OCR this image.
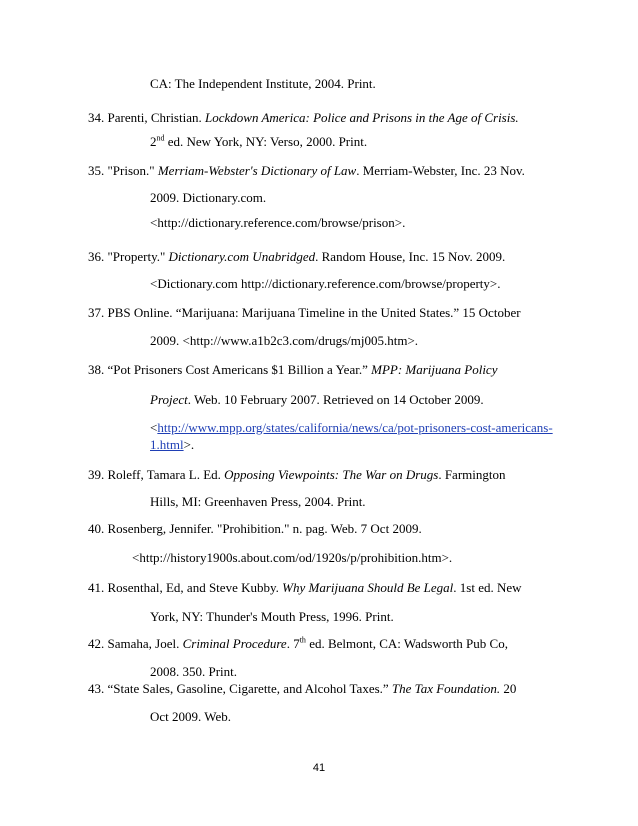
CA: The Independent Institute, 2004. Print.
34. Parenti, Christian. Lockdown America: Police and Prisons in the Age of Crisis.
2nd ed. New York, NY: Verso, 2000. Print.
35. "Prison." Merriam-Webster's Dictionary of Law. Merriam-Webster, Inc. 23 Nov.
2009. Dictionary.com.
<http://dictionary.reference.com/browse/prison>.
36. "Property." Dictionary.com Unabridged. Random House, Inc. 15 Nov. 2009.
<Dictionary.com http://dictionary.reference.com/browse/property>.
37. PBS Online. “Marijuana: Marijuana Timeline in the United States.” 15 October
2009. <http://www.a1b2c3.com/drugs/mj005.htm>.
38. “Pot Prisoners Cost Americans $1 Billion a Year.” MPP: Marijuana Policy
Project. Web. 10 February 2007. Retrieved on 14 October 2009.
<http://www.mpp.org/states/california/news/ca/pot-prisoners-cost-americans-
1.html>.
39. Roleff, Tamara L. Ed. Opposing Viewpoints: The War on Drugs. Farmington
Hills, MI: Greenhaven Press, 2004. Print.
40. Rosenberg, Jennifer. "Prohibition." n. pag. Web. 7 Oct 2009.
<http://history1900s.about.com/od/1920s/p/prohibition.htm>.
41. Rosenthal, Ed, and Steve Kubby. Why Marijuana Should Be Legal. 1st ed. New
York, NY: Thunder's Mouth Press, 1996. Print.
42. Samaha, Joel. Criminal Procedure. 7th ed. Belmont, CA: Wadsworth Pub Co,
2008. 350. Print.
43. “State Sales, Gasoline, Cigarette, and Alcohol Taxes.” The Tax Foundation. 20
Oct 2009. Web.
41
